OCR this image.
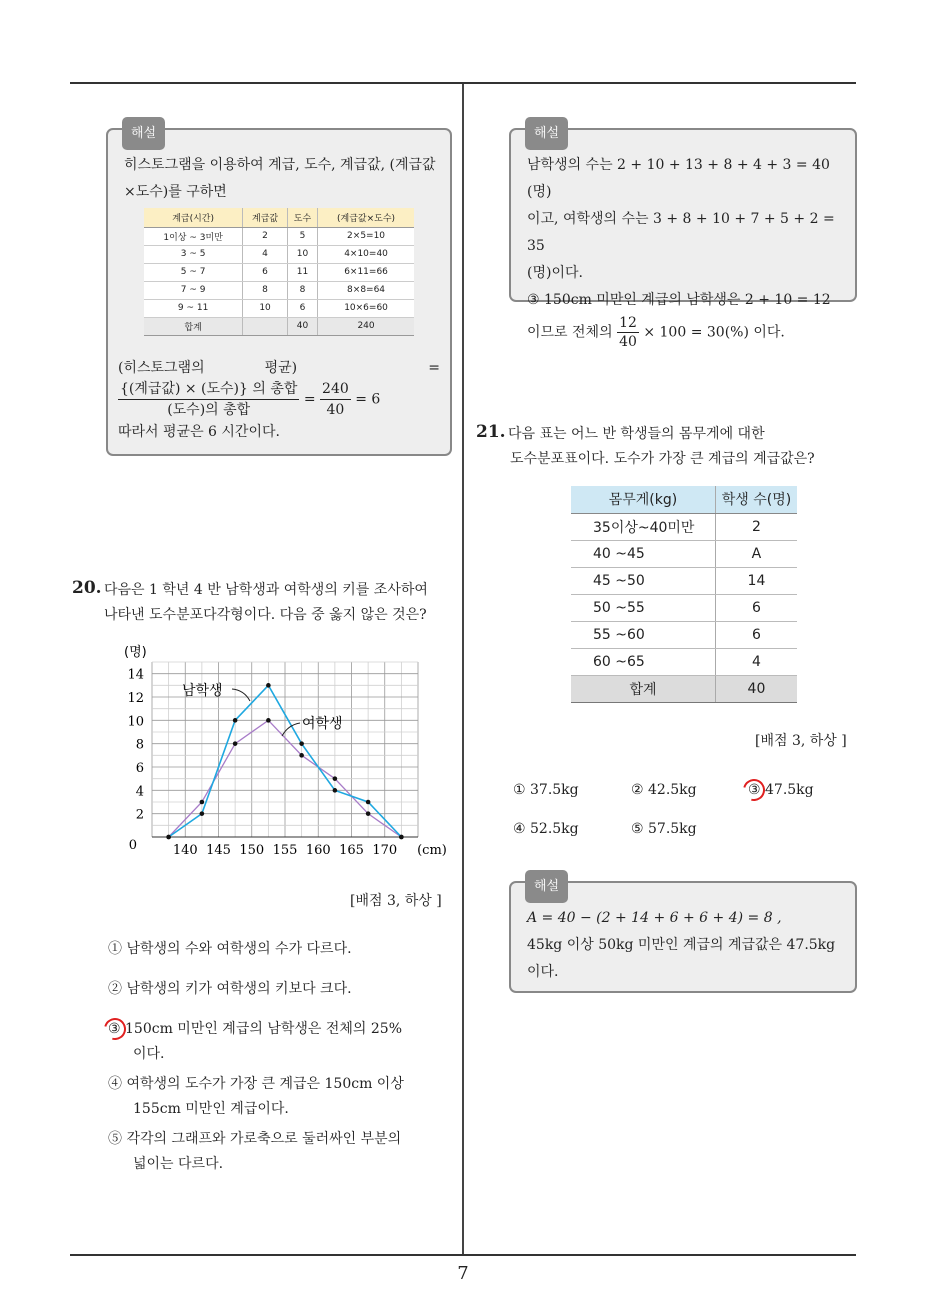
7
해설
히스토그램을 이용하여 계급, 도수, 계급값, (계급값×도수)를 구하면
계급(시간)	계급값	도수	(계급값×도수)
1이상 ~ 3미만	2	5	2×5=10
3 ~ 5	4	10	4×10=40
5 ~ 7	6	11	6×11=66
7 ~ 9	8	8	8×8=64
9 ~ 11	10	6	10×6=60
합계		40	240
(히스토그램의	평균)	=
$\frac{\text{\{(계급값) × (도수)\} 의 총합}}{\text{(도수)의 총합}} = \frac{240}{40} = 6$
따라서 평균은 6 시간이다.
해설
남학생의 수는 2 + 10 + 13 + 8 + 4 + 3 = 40 (명)
이고, 여학생의 수는 3 + 8 + 10 + 7 + 5 + 2 = 35
(명)이다.
③ 150cm 미만인 계급의 남학생은 2 + 10 = 12
이므로 전체의 $\frac{12}{40} \times 100 = 30(\%)$ 이다.
20. 다음은 1 학년 4 반 남학생과 여학생의 키를 조사하여
나타낸 도수분포다각형이다. 다음 중 옳지 않은 것은?
0
2
4
6
8
10
12
14
140 145 150 155 160 165 170
(명)
(cm)
남학생
여학생
[배점 3, 하상 ]
① 남학생의 수와 여학생의 수가 다르다.
② 남학생의 키가 여학생의 키보다 크다.
③ 150cm 미만인 계급의 남학생은 전체의 25%
이다.
④ 여학생의 도수가 가장 큰 계급은 150cm 이상
155cm 미만인 계급이다.
⑤ 각각의 그래프와 가로축으로 둘러싸인 부분의
넓이는 다르다.
21. 다음 표는 어느 반 학생들의 몸무게에 대한
도수분포표이다. 도수가 가장 큰 계급의 계급값은?
몸무게(kg)	학생 수(명)
35이상~40미만	2
40 ~45	A
45 ~50	14
50 ~55	6
55 ~60	6
60 ~65	4
합계	40
[배점 3, 하상 ]
① 37.5kg	② 42.5kg	③ 47.5kg
④ 52.5kg	⑤ 57.5kg
해설
A = 40 − (2 + 14 + 6 + 6 + 4) = 8 ,
45kg 이상 50kg 미만인 계급의 계급값은 47.5kg
이다.
